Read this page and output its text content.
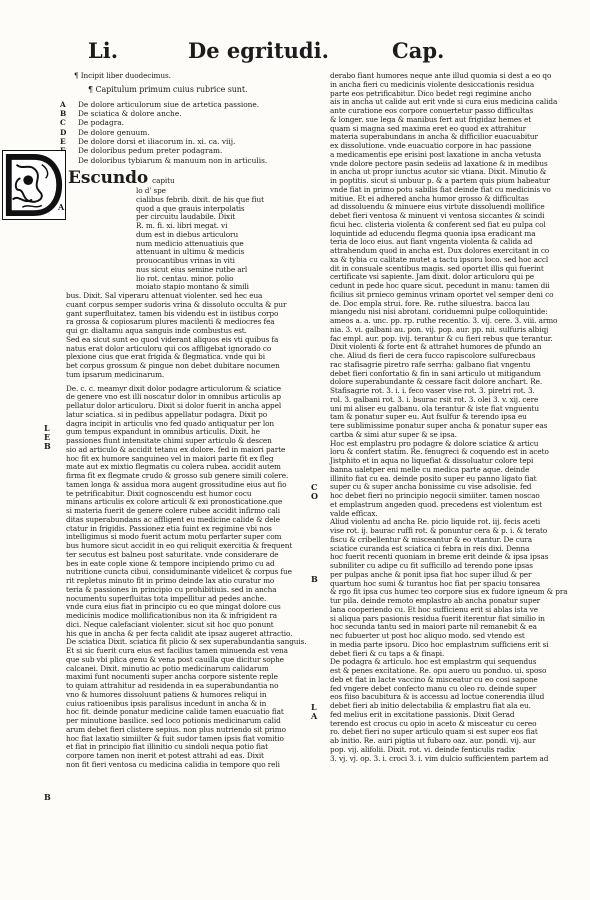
Li.	De egritudi.	Cap.
¶ Incipit liber duodecimus.
¶ Capitulum primum cuius rubrice sunt.
A	De dolore articulorum siue de artetica passione.
B	De sciatica & dolore anche.
C	De podagra.
D	De dolore genuum.
E	De dolore dorsi et iliacorum in. xi. ca. viij.
De doloribus pedum preter podagram.
De doloribus tybiarum & manuum non in articulis.
Escundo capitu
lo d' spe
cialibus febrib. dixit. de his que fiut
quod a que grauis interpolatis
per circuitu laudabile. Dixit
R. m. fi. xi. libri megat. vi
dum est in diebus articuloru
num medicio attenuatiuis que
attenuant in ultimu & medicis
prouocantibus vrinas in viti
nus sicut eius semine rutbe arl
lio rot. centau. minor. polio
moiato stapio montano & simili
bus. Dixit. Sal viperaru attenuat violenter. sed hec eua
cuant corpus semper sudoris vrina & dissoluto occulta & pur
gant superfluitatez. tamen bis videndu est in iistibus corpo
ra grossa & copiosarum plures macilenti & mediocres fea
qui gr. dialtamu aqua sanguis inde combustus est.
Sed ea sicut sunt eo quod viderant aliquos eis vti quibus fa
natus erat dolor articuloru qui cos affligebat ignorado co
plexione cius que erat frigida & flegmatica. vnde qui bi
bet corpus grossum & pingue non debet dubitare nocumen
tum ipsarum medicinarum.
De. c. c. meamyr dixit dolor podagre articulorum & sciatice
de genere vno est illi noscatur dolor in omnibus articulis ap
pellatur dolor articuloru. Dixit si dolor fuerit in ancha appel
latur sciatica. si in pedibus appellatur podagra. Dixit po
dagra incipit in articulis vno fed quado antiquatur per lon
gum tempus expandunt in omnibus articulis. Dixit. he
passiones fiunt intensitate chimi super articulo & descen
sio ad articulo & accidit tetanu ex dolore. fed in maiori parte
hoc fit ex humore sanguineo vel in maiori parte fit ex fleg
mate aut ex mixtio flegmatis cu colera rubea. accidit autem
firma fit ex flegmate crudo & grosso sub genere simili colere.
tamen longa & assidua mora augent grossitudine eius aut fio
te petrificabitur. Dixit cognoscendu est humor cocu
minans articulis ex colore articuli & exi pronosticatione.que
si materia fuerit de genere colere rubee accidit infirmo cali
ditas superabundans ac affligent eu medicine calide & dele
ctatur in frigidis. Passionez etia fuint ex regimine vbi nos
intelligimus si modo fuerit actum motu perfarter super com
bus humore sicut accidit in eo qui reliquit exercitia & frequent
ter secutus est balneu post saturitate. vnde considerare de
bes in eate cople xione & tempore incipiendo primo cu ad
nutritione cuncta cibui. considuminante videlicet & corpus fue
rit repletus minuto fit in primo deinde lax atio curatur mo
teria & passiones in principio cu prohibitiuis. sed in ancha
nocumentu superfluitas tota impellitur ad pedes anche.
vnde cura eius fiat in principio cu eo que mingat dolore cus
medicinis modice mollificationibus non ita & infrigident ra
dici. Neque calefaciant violenter. sicut sit hoc quo ponunt
his que in ancha & per fecta calidit ate ipsaz augeret attractio.
De sciatica Dixit. sciatica fit plicio & sex superabundantia sanguis.
Et si sic fuerit cura eius est facilius tamen minuenda est vena
que sub vbi plica genu & vena post cauilla que dicitur sophe
calcanei. Dixit. minutio ac potio medicinarum calidarum
maximi funt nocumenti super ancha corpore sistente reple
to quiam attrahitur ad residenda in ea superabundantia no
vno & humores dissoluunt patiens & humores reliqui in
cuius ratioenibus ipsis paralisus incedunt in ancha & in
hoc fit. deinde ponatur medicine calide tamen euacuatio fiat
per minutione basilice. sed loco potionis medicinarum calid
arum debet fieri clistere sepius. non plus nutriendo sit primo
hoc fiat laxatio simiilter & fuit sudor tamen ipsis fiat vomitio
et fiat in principio fiat illinitio cu sindoli nequa potio fiat
corpore tamen non inerit et potest attrahi ad eas. Dixit
non fit fieri ventosa cu medicina calidia in tempore quo reli
derabo fiant humores neque ante illud quomia si dest a eo qo
in ancha fieri cu medicinis violente desiccationis residua
parte eos petrificabitur. Dico bedet regi regimine ancho
ais in ancha ut calide aut erit vnde si cura eius medicina calida
ante curatione eos corpore conuertetur passo difficultas
& longer. sue lega & manibus fert aut frigidaz hemes et
quam si magna sed maxima eret eo quod ex attrahitur
materia superabundans in ancha & difficilior euacuabitur
ex dissolutione. vnde euacuatio corpore in hac passione
a medicamentis epe erisini post laxatione in ancha vetusta
vnde dolore pectore pasin sedeiis ad laxatione & in medibus
in ancha ut propr iunctus acutor sic vtiana. Dixit. Minutio &
in poptitis. sicut si unbuur p. & a partem quis pium habeatur
vnde fiat in primo potu sabilis fiat deinde fiat cu medicinis vo
mitiue. Et ei adhered ancha humor grosso & difficultas
ad dissoluendu & minuere eius virtute dissoluendi mollifice
debet fieri ventosa & minuent vi ventosa siccantes & scindi
ficui hec. clisteria violenta & conferent sed fiat eu pulpa col
loquintide ad educendu flegma quonia ipsa eradicant ma
teria de loco eius. aut fiant vngenta violenta & calida ad
attrahendum quod in ancha est. Dux dolores exercitant in co
xa & tybia cu calitate mutet a tactu ipsoru loco. sed hoc accl
dit in consuale scentibus magis. sed oportet illis qui fuerint
certificate vsi sapiente. Jam dixit. dolor articuloru qui pe
cedunt in pede hoc quare sicut. pecedunt in manu: tamen dii
ficilius sit prnieco geminus vrinam oportet vel semper deni co
de. Doc empla strui. fore. Re. ruthe siluestra. bacca lau
miangedu nisi nisi abrotani. coriduemni pulpe colloquintide:
ameos a. a. unc. pp. rp. ruthe recentio. 3. vij. cere. 3. viii. armo
nia. 3. vi. galbani au. pon. vij. pop. aur. pp. nii. sulfuris albiqj
fac empl. aur. pop. ivij. terantur & cu fieri rebus que terantur.
Dixit violenti & forte ent & attrahet humores de pfundo an
che. Aliud ds fieri de cera fucco rapiscolore sulfurecbaus
rac stafisagrie piretro rafe serrha: galbano fiat vngentu
debet fieri confortatio & fin in sani articulo ut mitigandum
dolore superabundante & cessare facit dolore anchart. Re.
Stafisagrie rot. 3. i. i. feco vaser vise rot. 3. piretri rot. 3.
rol. 3. galbani rot. 3. i. bsurac rsit rot. 3. olei 3. v. xij. cere
uni mi aliser eu galbanu. ola terantur & iste fiat vnguentu
tam & ponatur super eu. Aut fsulfur & terendo ipsa eu
tere sublimissime ponatur super ancha & ponatur super eas
cartba & simi atur super & se ipsa.
Hoc est emplastru pro podagre & dolore sciatice & articu
loru & confert statim. Re. fenugreci & coquendo est in aceto
Jistphito et in aqua no liquefiat & dissoluatur colore tepi
banna ualetper eni melle cu medica parte aque. deinde
illinito fiat cu ea. deinde posito super eu panno ligato fiat
super cu & super ancha bonissime cu vise adsolisie. fed
hoc debet fieri no principio negocii simiiter. tamen noscao
et emplastrum angeden quod. precedens est violentum est
valde efficax.
Aliud violentu ad ancha Re. picio liquide rot. iij. fecis aceti
vise rot. ij. baurac ruffi rot. & ponuntur cera & p. i. & terato
fiscu & cribellentur & misceantur & eo vtantur. De cura
sciatice curanda est sciatica ci febra in reis dixi. Denna
hoc fuerit recenti quoniam in breme erit deinde & ipsa ipsas
subniliter cu adipe cu fit sufficillo ad terendo pone ipsas
per pulpas anche & ponit ipsa fiat hoc super illud & per
quartum hoc sumi & turantus hoc fiat per spaciu tonsarea
& rgo fit ipsa cus humec teo corpore sius ex fudore igneum & pra
tur pila. deinde remoto emplastro ab ancha ponatur super
lana cooperiendo cu. Et hoc sufficienu erit si ablas ista ve
si aliqua pars pasionis residua fuerit iterentur fiat similio in
hoc secunda tantu sed in maiori parte nil remanebit & ea
nec fubuerter ut post hoc aliquo modo. sed vtendo est
in media parte ipsoru. Dico hoc emplastrum sufficiens erit si
debet fieri & cu taps a & finapi.
De podagra & articulo. hoc est emplastrm qui sequendus
est & penes excitatione. Re. opu auero uu ponduo. ui. sposo
deb et fiat in lacte vaccino & misceatur cu eo cosi sapone
fed vngere debet confecto manu cu oleo ro. deinde super
eos fiiso bacubitura & is accessu ad loctue conerendia illud
debet fieri ab initio delectabilia & emplastru fiat ala eu.
fed melius erit in excitatione passionis. Dixit Gerad
terendo est crocus cu opio in aceto & misceatur cu cereo
ro. debet fieri no super articulo quam si est super eos fiat
ab initio. Re. auri pigtia ut fubaro oaz. aur. pondi. vij. aur
pop. vij. alifolii. Dixit. rot. vi. deinde fenticulis radix
3. vj. vj. op. 3. i. croci 3. i. vim dulcio sufficientem partem ad
A
L
E
B
B
C
O
B
L
A
